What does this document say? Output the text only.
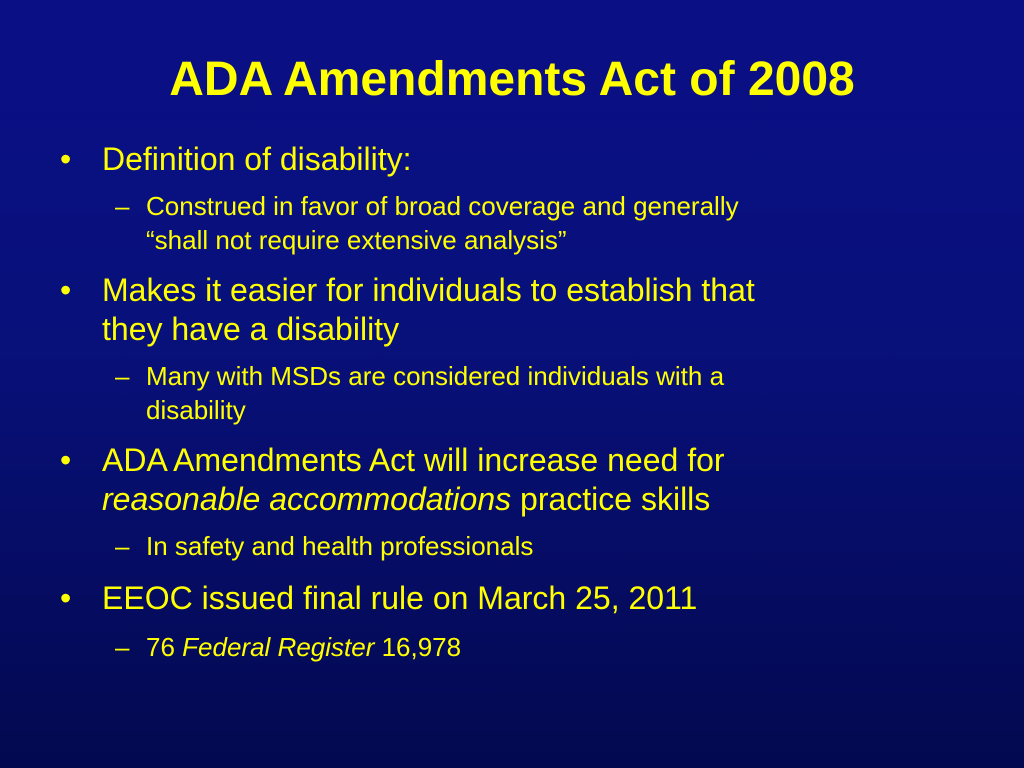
ADA Amendments Act of 2008

• Definition of disability:

– Construed in favor of broad coverage and generally
“shall not require extensive analysis”

• Makes it easier for individuals to establish that
they have a disability

– Many with MSDs are considered individuals with a
disability

• ADA Amendments Act will increase need for
reasonable accommodations practice skills

– In safety and health professionals

• EEOC issued final rule on March 25, 2011

– 76 Federal Register 16,978
